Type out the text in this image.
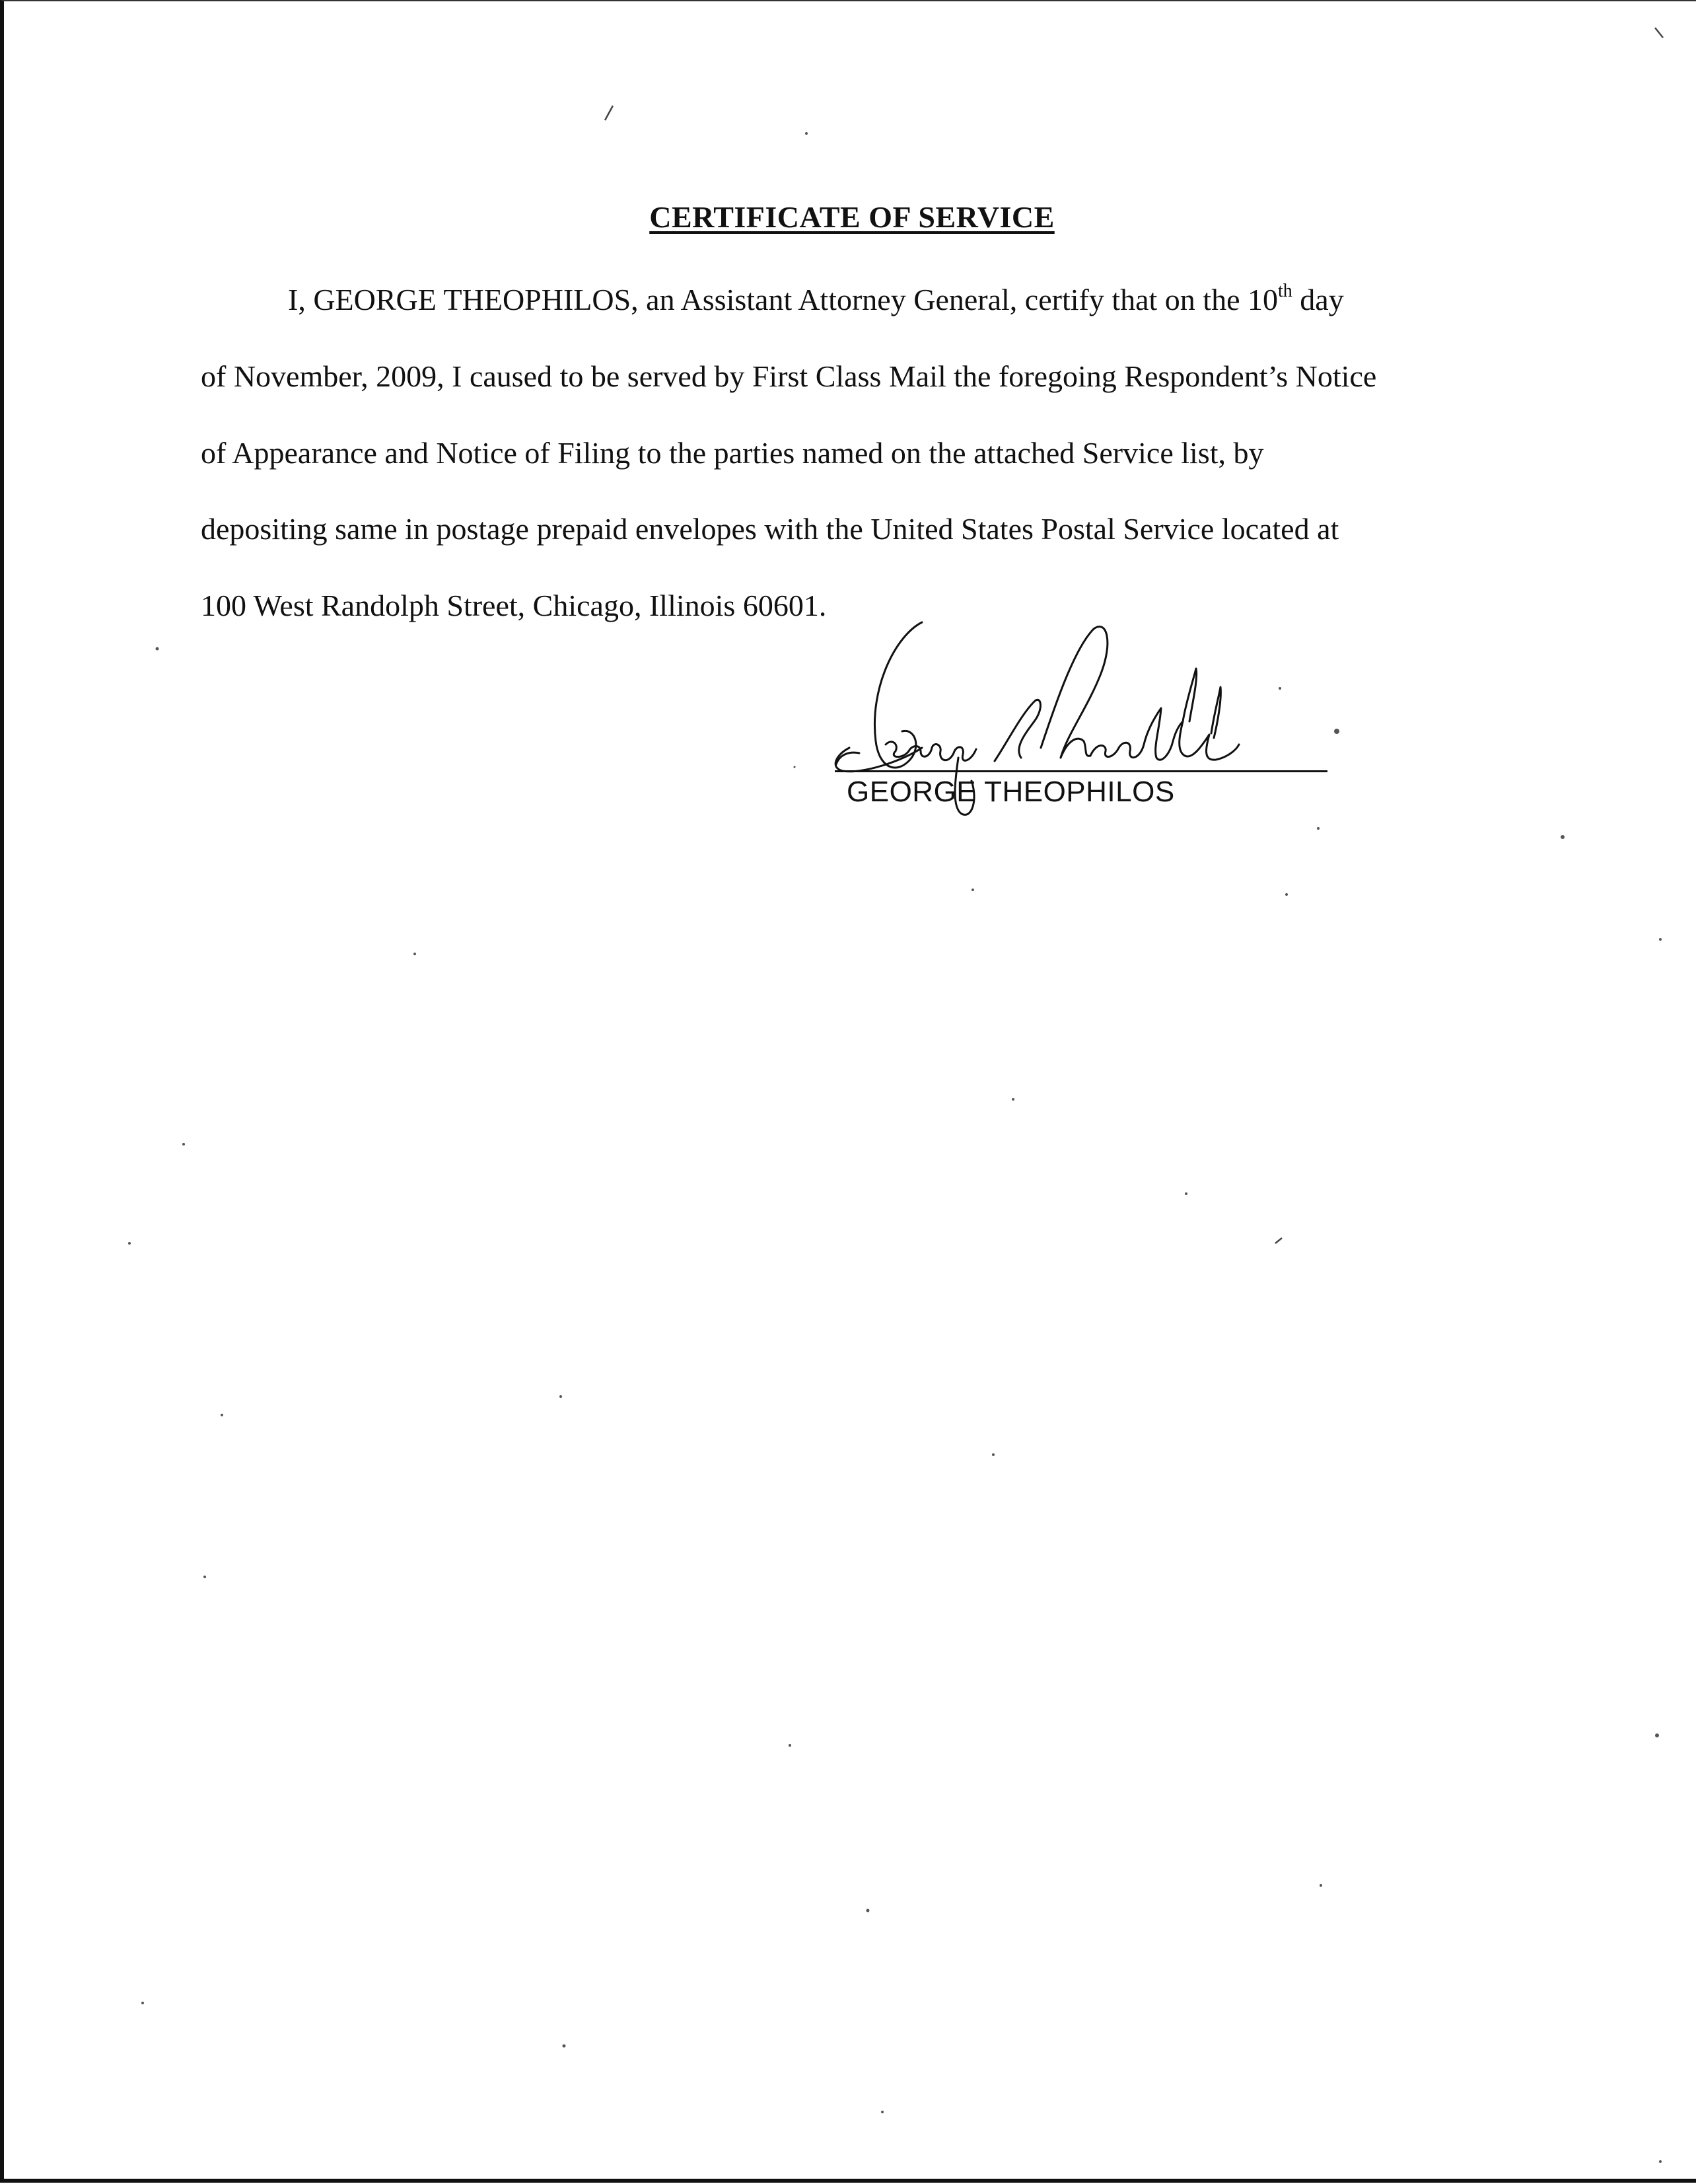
CERTIFICATE OF SERVICE

I, GEORGE THEOPHILOS, an Assistant Attorney General, certify that on the 10th day

of November, 2009, I caused to be served by First Class Mail the foregoing Respondent’s Notice

of Appearance and Notice of Filing to the parties named on the attached Service list, by

depositing same in postage prepaid envelopes with the United States Postal Service located at

100 West Randolph Street, Chicago, Illinois 60601.

GEORGE THEOPHILOS
